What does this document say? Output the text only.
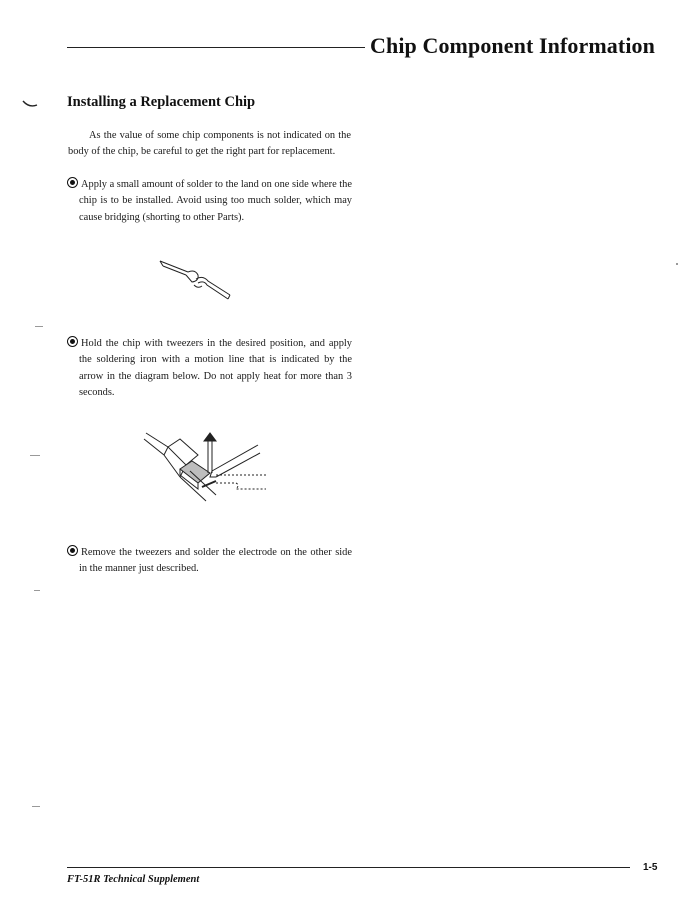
Chip Component Information
Installing a Replacement Chip

As the value of some chip components is not indicated on the body of the chip, be careful to get the right part for replacement.

Apply a small amount of solder to the land on one side where the chip is to be installed. Avoid using too much solder, which may cause bridging (shorting to other Parts).

Hold the chip with tweezers in the desired position, and apply the soldering iron with a motion line that is indicated by the arrow in the diagram below. Do not apply heat for more than 3 seconds.

Remove the tweezers and solder the electrode on the other side in the manner just described.

FT-51R Technical Supplement

1-5
